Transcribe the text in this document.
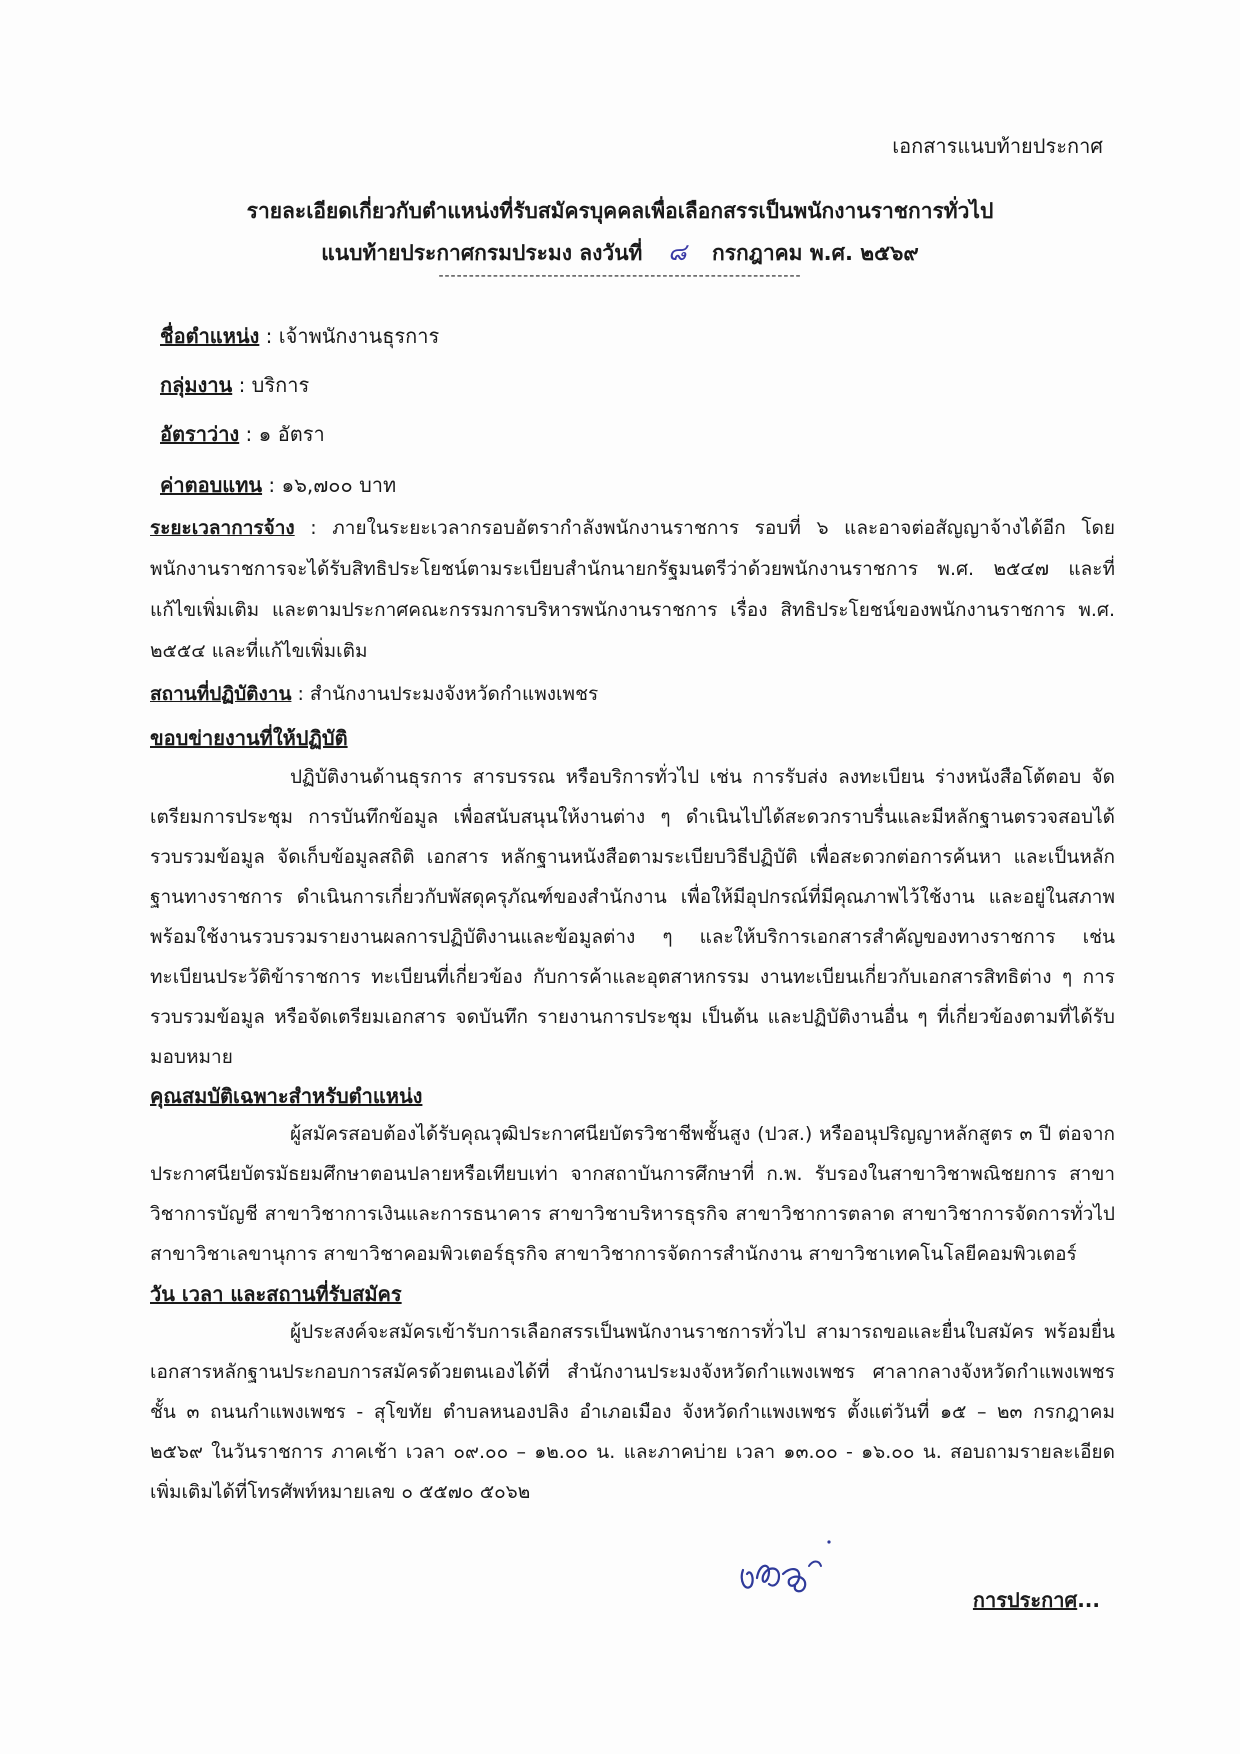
เอกสารแนบท้ายประกาศ
รายละเอียดเกี่ยวกับตำแหน่งที่รับสมัครบุคคลเพื่อเลือกสรรเป็นพนักงานราชการทั่วไป
แนบท้ายประกาศกรมประมง ลงวันที่ ๘ กรกฎาคม พ.ศ. ๒๕๖๙
------------------------------------------------------------
ชื่อตำแหน่ง : เจ้าพนักงานธุรการ
กลุ่มงาน : บริการ
อัตราว่าง : ๑ อัตรา
ค่าตอบแทน : ๑๖,๗๐๐ บาท
ระยะเวลาการจ้าง : ภายในระยะเวลากรอบอัตรากำลังพนักงานราชการ รอบที่ ๖ และอาจต่อสัญญาจ้างได้อีก โดยพนักงานราชการจะได้รับสิทธิประโยชน์ตามระเบียบสำนักนายกรัฐมนตรีว่าด้วยพนักงานราชการ พ.ศ. ๒๕๔๗ และที่แก้ไขเพิ่มเติม และตามประกาศคณะกรรมการบริหารพนักงานราชการ เรื่อง สิทธิประโยชน์ของพนักงานราชการ พ.ศ. ๒๕๕๔ และที่แก้ไขเพิ่มเติม
สถานที่ปฏิบัติงาน : สำนักงานประมงจังหวัดกำแพงเพชร
ขอบข่ายงานที่ให้ปฏิบัติ
ปฏิบัติงานด้านธุรการ สารบรรณ หรือบริการทั่วไป เช่น การรับส่ง ลงทะเบียน ร่างหนังสือโต้ตอบ จัดเตรียมการประชุม การบันทึกข้อมูล เพื่อสนับสนุนให้งานต่าง ๆ ดำเนินไปได้สะดวกราบรื่นและมีหลักฐานตรวจสอบได้ รวบรวมข้อมูล จัดเก็บข้อมูลสถิติ เอกสาร หลักฐานหนังสือตามระเบียบวิธีปฏิบัติ เพื่อสะดวกต่อการค้นหา และเป็นหลักฐานทางราชการ ดำเนินการเกี่ยวกับพัสดุครุภัณฑ์ของสำนักงาน เพื่อให้มีอุปกรณ์ที่มีคุณภาพไว้ใช้งาน และอยู่ในสภาพพร้อมใช้งานรวบรวมรายงานผลการปฏิบัติงานและข้อมูลต่าง ๆ และให้บริการเอกสารสำคัญของทางราชการ เช่น ทะเบียนประวัติข้าราชการ ทะเบียนที่เกี่ยวข้อง กับการค้าและอุตสาหกรรม งานทะเบียนเกี่ยวกับเอกสารสิทธิต่าง ๆ การรวบรวมข้อมูล หรือจัดเตรียมเอกสาร จดบันทึก รายงานการประชุม เป็นต้น และปฏิบัติงานอื่น ๆ ที่เกี่ยวข้องตามที่ได้รับมอบหมาย
คุณสมบัติเฉพาะสำหรับตำแหน่ง
ผู้สมัครสอบต้องได้รับคุณวุฒิประกาศนียบัตรวิชาชีพชั้นสูง (ปวส.) หรืออนุปริญญาหลักสูตร ๓ ปี ต่อจากประกาศนียบัตรมัธยมศึกษาตอนปลายหรือเทียบเท่า จากสถาบันการศึกษาที่ ก.พ. รับรองในสาขาวิชาพณิชยการ สาขาวิชาการบัญชี สาขาวิชาการเงินและการธนาคาร สาขาวิชาบริหารธุรกิจ สาขาวิชาการตลาด สาขาวิชาการจัดการทั่วไป สาขาวิชาเลขานุการ สาขาวิชาคอมพิวเตอร์ธุรกิจ สาขาวิชาการจัดการสำนักงาน สาขาวิชาเทคโนโลยีคอมพิวเตอร์
วัน เวลา และสถานที่รับสมัคร
ผู้ประสงค์จะสมัครเข้ารับการเลือกสรรเป็นพนักงานราชการทั่วไป สามารถขอและยื่นใบสมัคร พร้อมยื่นเอกสารหลักฐานประกอบการสมัครด้วยตนเองได้ที่ สำนักงานประมงจังหวัดกำแพงเพชร ศาลากลางจังหวัดกำแพงเพชร ชั้น ๓ ถนนกำแพงเพชร - สุโขทัย ตำบลหนองปลิง อำเภอเมือง จังหวัดกำแพงเพชร ตั้งแต่วันที่ ๑๕ – ๒๓ กรกฎาคม ๒๕๖๙ ในวันราชการ ภาคเช้า เวลา ๐๙.๐๐ – ๑๒.๐๐ น. และภาคบ่าย เวลา ๑๓.๐๐ - ๑๖.๐๐ น. สอบถามรายละเอียดเพิ่มเติมได้ที่โทรศัพท์หมายเลข ๐ ๕๕๗๐ ๕๐๖๒
การประกาศ...
